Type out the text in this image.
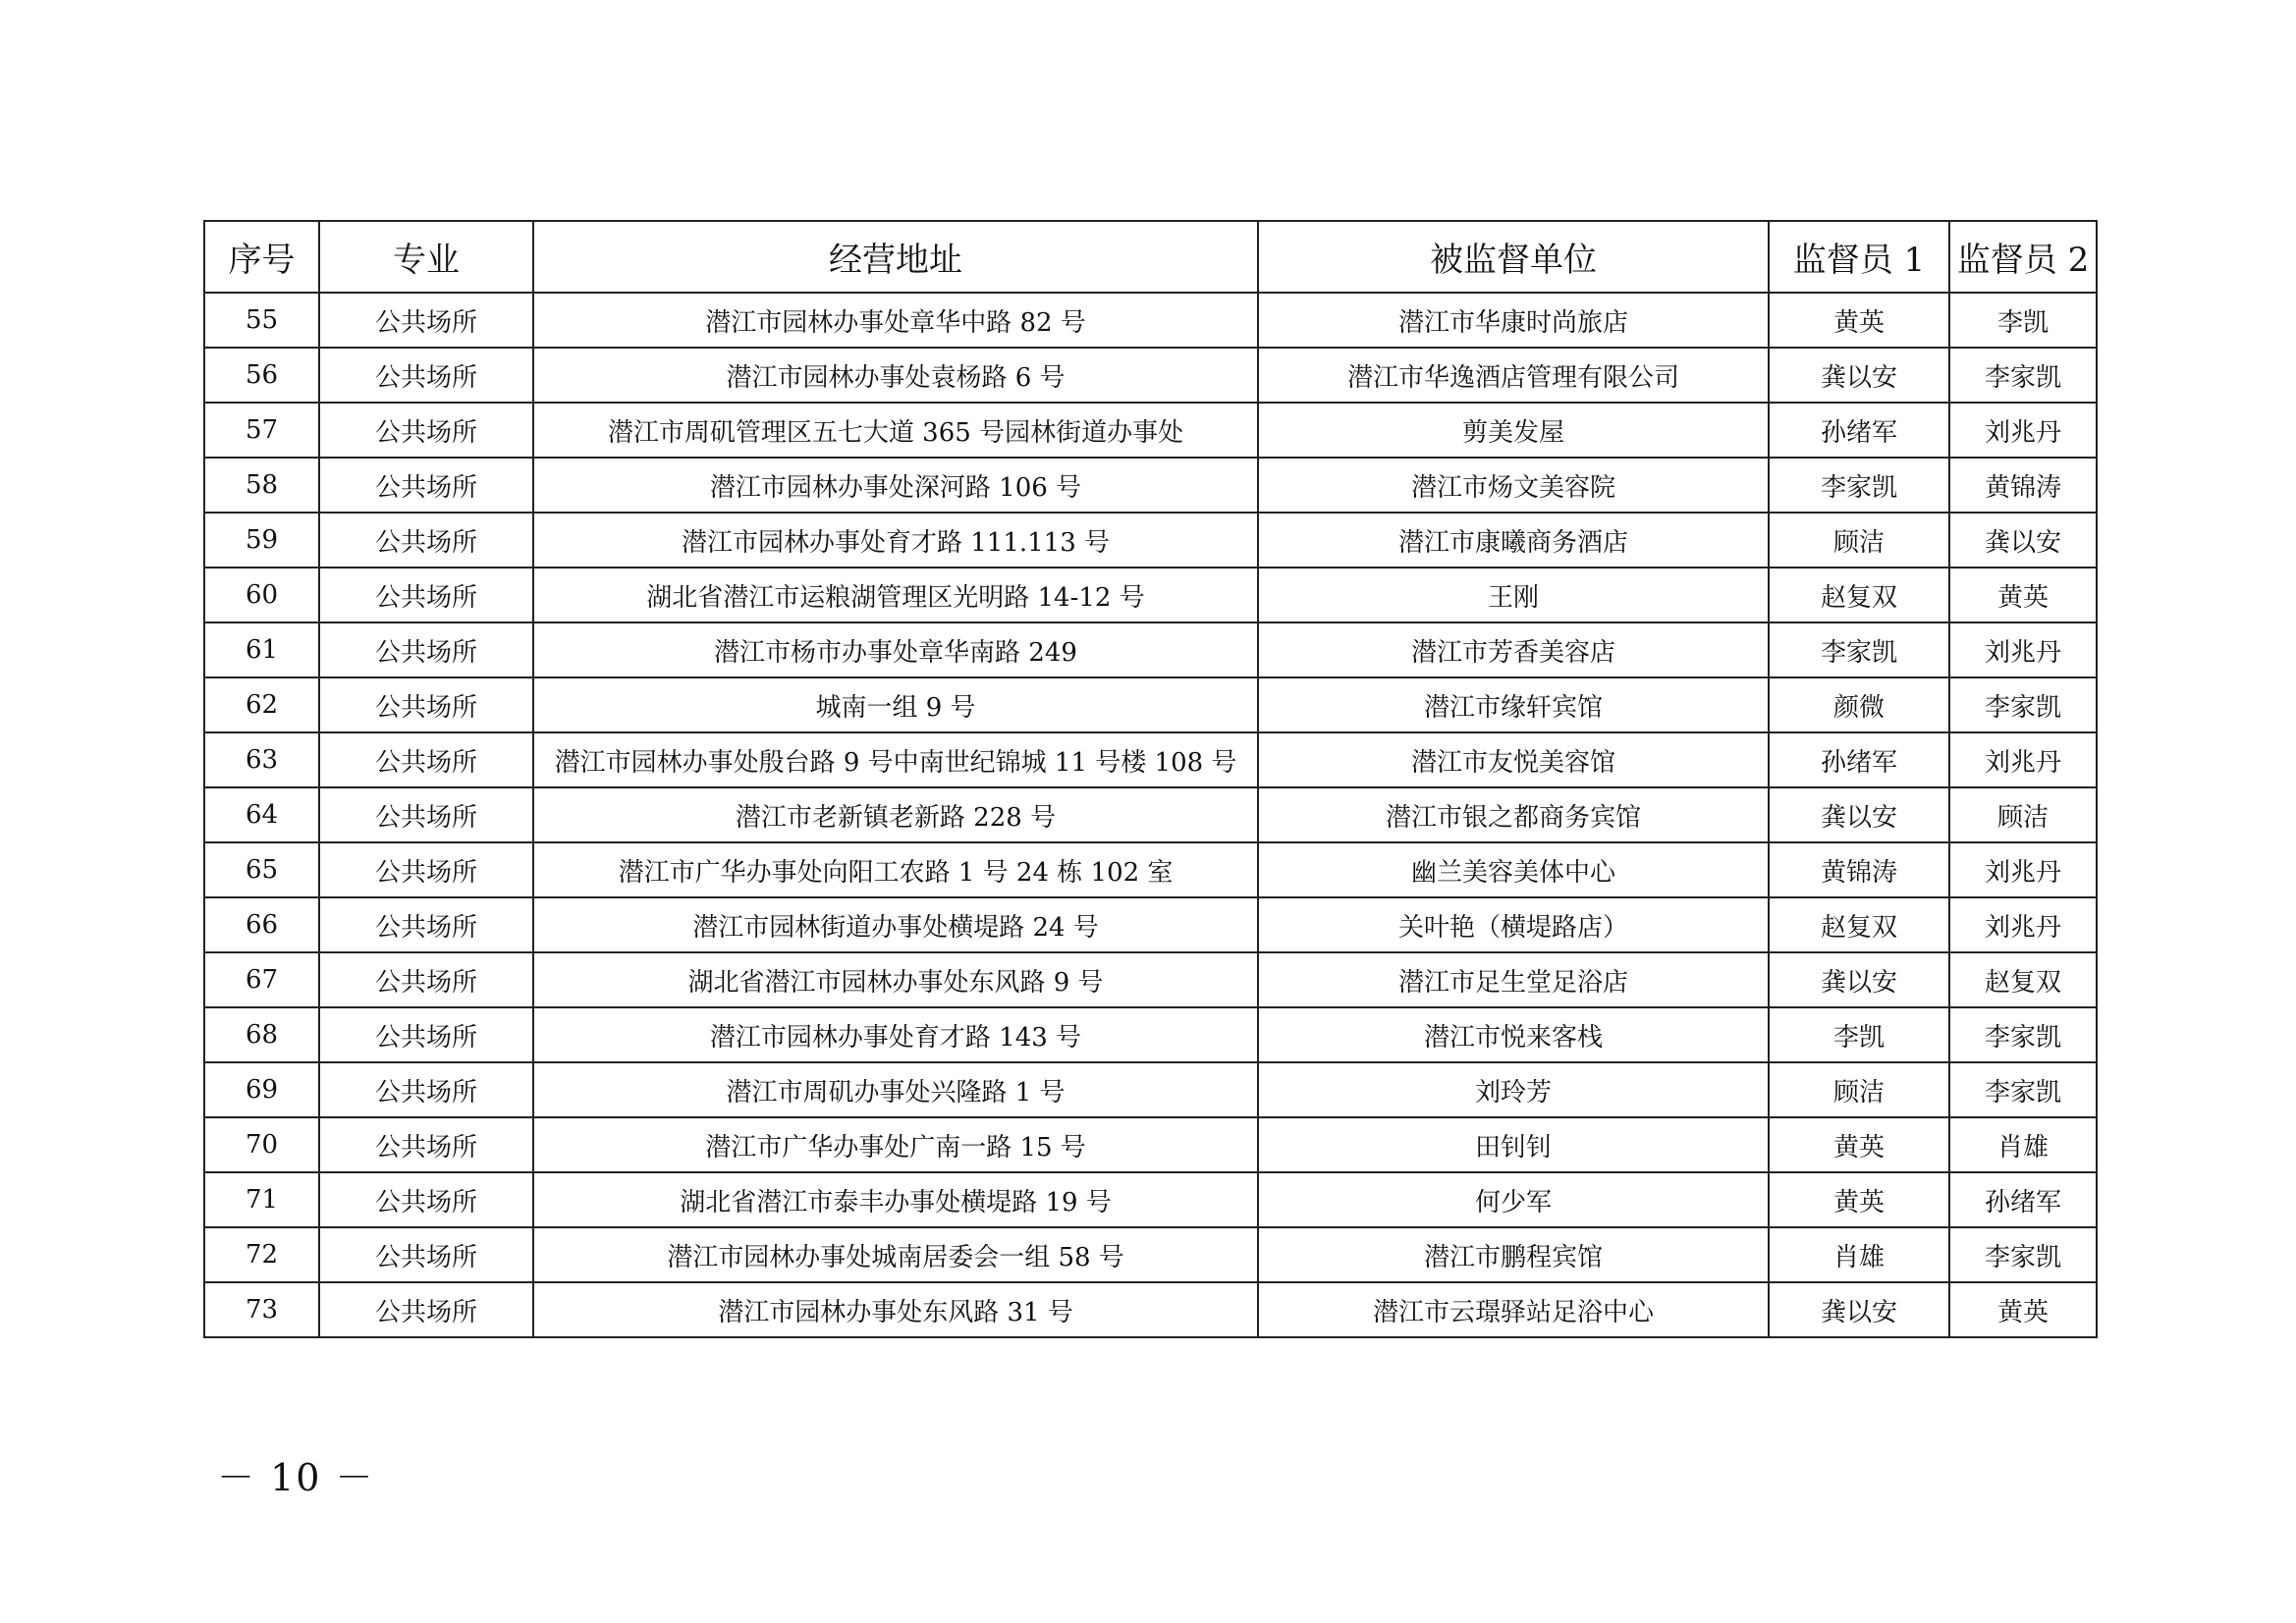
序号	专业	经营地址	被监督单位	监督员 1	监督员 2
55	公共场所	潜江市园林办事处章华中路 82 号	潜江市华康时尚旅店	黄英	李凯
56	公共场所	潜江市园林办事处袁杨路 6 号	潜江市华逸酒店管理有限公司	龚以安	李家凯
57	公共场所	潜江市周矶管理区五七大道 365 号园林街道办事处	剪美发屋	孙绪军	刘兆丹
58	公共场所	潜江市园林办事处深河路 106 号	潜江市炀文美容院	李家凯	黄锦涛
59	公共场所	潜江市园林办事处育才路 111.113 号	潜江市康曦商务酒店	顾洁	龚以安
60	公共场所	湖北省潜江市运粮湖管理区光明路 14-12 号	王刚	赵复双	黄英
61	公共场所	潜江市杨市办事处章华南路 249	潜江市芳香美容店	李家凯	刘兆丹
62	公共场所	城南一组 9 号	潜江市缘轩宾馆	颜微	李家凯
63	公共场所	潜江市园林办事处殷台路 9 号中南世纪锦城 11 号楼 108 号	潜江市友悦美容馆	孙绪军	刘兆丹
64	公共场所	潜江市老新镇老新路 228 号	潜江市银之都商务宾馆	龚以安	顾洁
65	公共场所	潜江市广华办事处向阳工农路 1 号 24 栋 102 室	幽兰美容美体中心	黄锦涛	刘兆丹
66	公共场所	潜江市园林街道办事处横堤路 24 号	关叶艳（横堤路店）	赵复双	刘兆丹
67	公共场所	湖北省潜江市园林办事处东风路 9 号	潜江市足生堂足浴店	龚以安	赵复双
68	公共场所	潜江市园林办事处育才路 143 号	潜江市悦来客栈	李凯	李家凯
69	公共场所	潜江市周矶办事处兴隆路 1 号	刘玲芳	顾洁	李家凯
70	公共场所	潜江市广华办事处广南一路 15 号	田钊钊	黄英	肖雄
71	公共场所	湖北省潜江市泰丰办事处横堤路 19 号	何少军	黄英	孙绪军
72	公共场所	潜江市园林办事处城南居委会一组 58 号	潜江市鹏程宾馆	肖雄	李家凯
73	公共场所	潜江市园林办事处东风路 31 号	潜江市云璟驿站足浴中心	龚以安	黄英
－ 10 －
